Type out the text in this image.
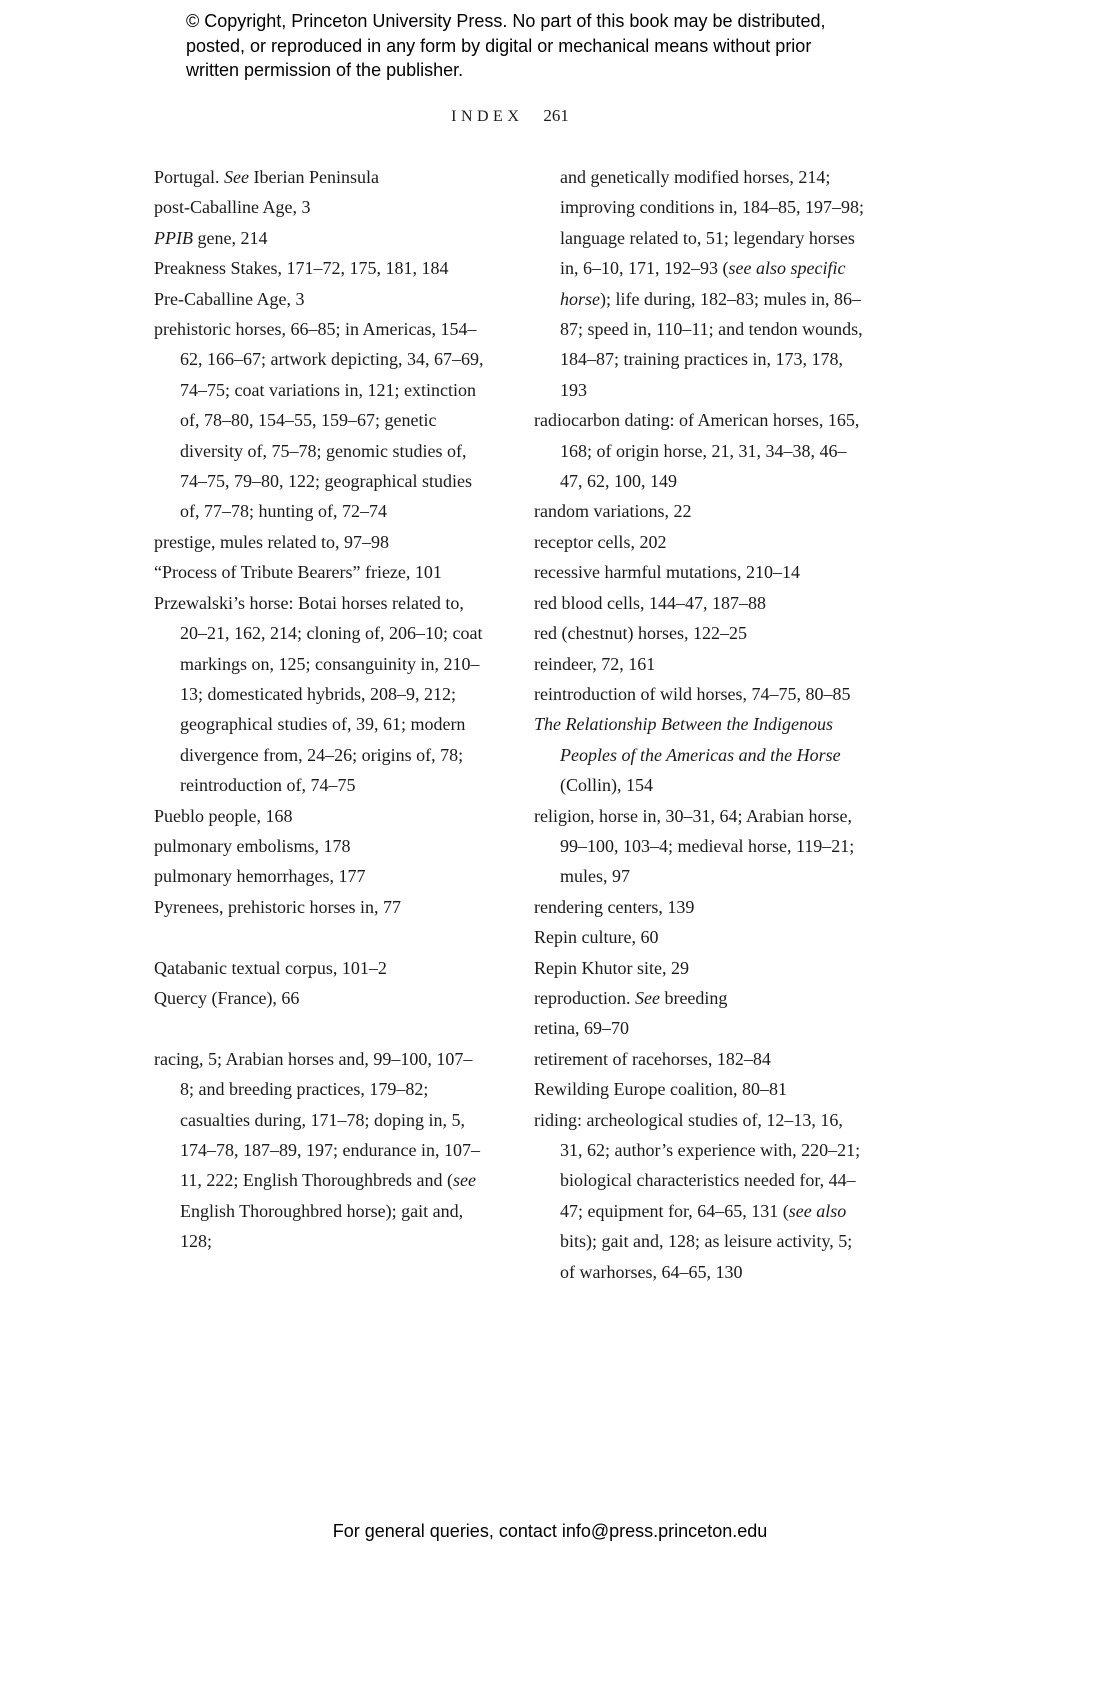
© Copyright, Princeton University Press. No part of this book may be distributed, posted, or reproduced in any form by digital or mechanical means without prior written permission of the publisher.
INDEX 261
Portugal. See Iberian Peninsula
post-Caballine Age, 3
PPIB gene, 214
Preakness Stakes, 171–72, 175, 181, 184
Pre-Caballine Age, 3
prehistoric horses, 66–85; in Americas, 154–62, 166–67; artwork depicting, 34, 67–69, 74–75; coat variations in, 121; extinction of, 78–80, 154–55, 159–67; genetic diversity of, 75–78; genomic studies of, 74–75, 79–80, 122; geographical studies of, 77–78; hunting of, 72–74
prestige, mules related to, 97–98
“Process of Tribute Bearers” frieze, 101
Przewalski’s horse: Botai horses related to, 20–21, 162, 214; cloning of, 206–10; coat markings on, 125; consanguinity in, 210–13; domesticated hybrids, 208–9, 212; geographical studies of, 39, 61; modern divergence from, 24–26; origins of, 78; reintroduction of, 74–75
Pueblo people, 168
pulmonary embolisms, 178
pulmonary hemorrhages, 177
Pyrenees, prehistoric horses in, 77
Qatabanic textual corpus, 101–2
Quercy (France), 66
racing, 5; Arabian horses and, 99–100, 107–8; and breeding practices, 179–82; casualties during, 171–78; doping in, 5, 174–78, 187–89, 197; endurance in, 107–11, 222; English Thoroughbreds and (see English Thoroughbred horse); gait and, 128;
and genetically modified horses, 214; improving conditions in, 184–85, 197–98; language related to, 51; legendary horses in, 6–10, 171, 192–93 (see also specific horse); life during, 182–83; mules in, 86–87; speed in, 110–11; and tendon wounds, 184–87; training practices in, 173, 178, 193
radiocarbon dating: of American horses, 165, 168; of origin horse, 21, 31, 34–38, 46–47, 62, 100, 149
random variations, 22
receptor cells, 202
recessive harmful mutations, 210–14
red blood cells, 144–47, 187–88
red (chestnut) horses, 122–25
reindeer, 72, 161
reintroduction of wild horses, 74–75, 80–85
The Relationship Between the Indigenous Peoples of the Americas and the Horse (Collin), 154
religion, horse in, 30–31, 64; Arabian horse, 99–100, 103–4; medieval horse, 119–21; mules, 97
rendering centers, 139
Repin culture, 60
Repin Khutor site, 29
reproduction. See breeding
retina, 69–70
retirement of racehorses, 182–84
Rewilding Europe coalition, 80–81
riding: archeological studies of, 12–13, 16, 31, 62; author’s experience with, 220–21; biological characteristics needed for, 44–47; equipment for, 64–65, 131 (see also bits); gait and, 128; as leisure activity, 5; of warhorses, 64–65, 130
For general queries, contact info@press.princeton.edu
